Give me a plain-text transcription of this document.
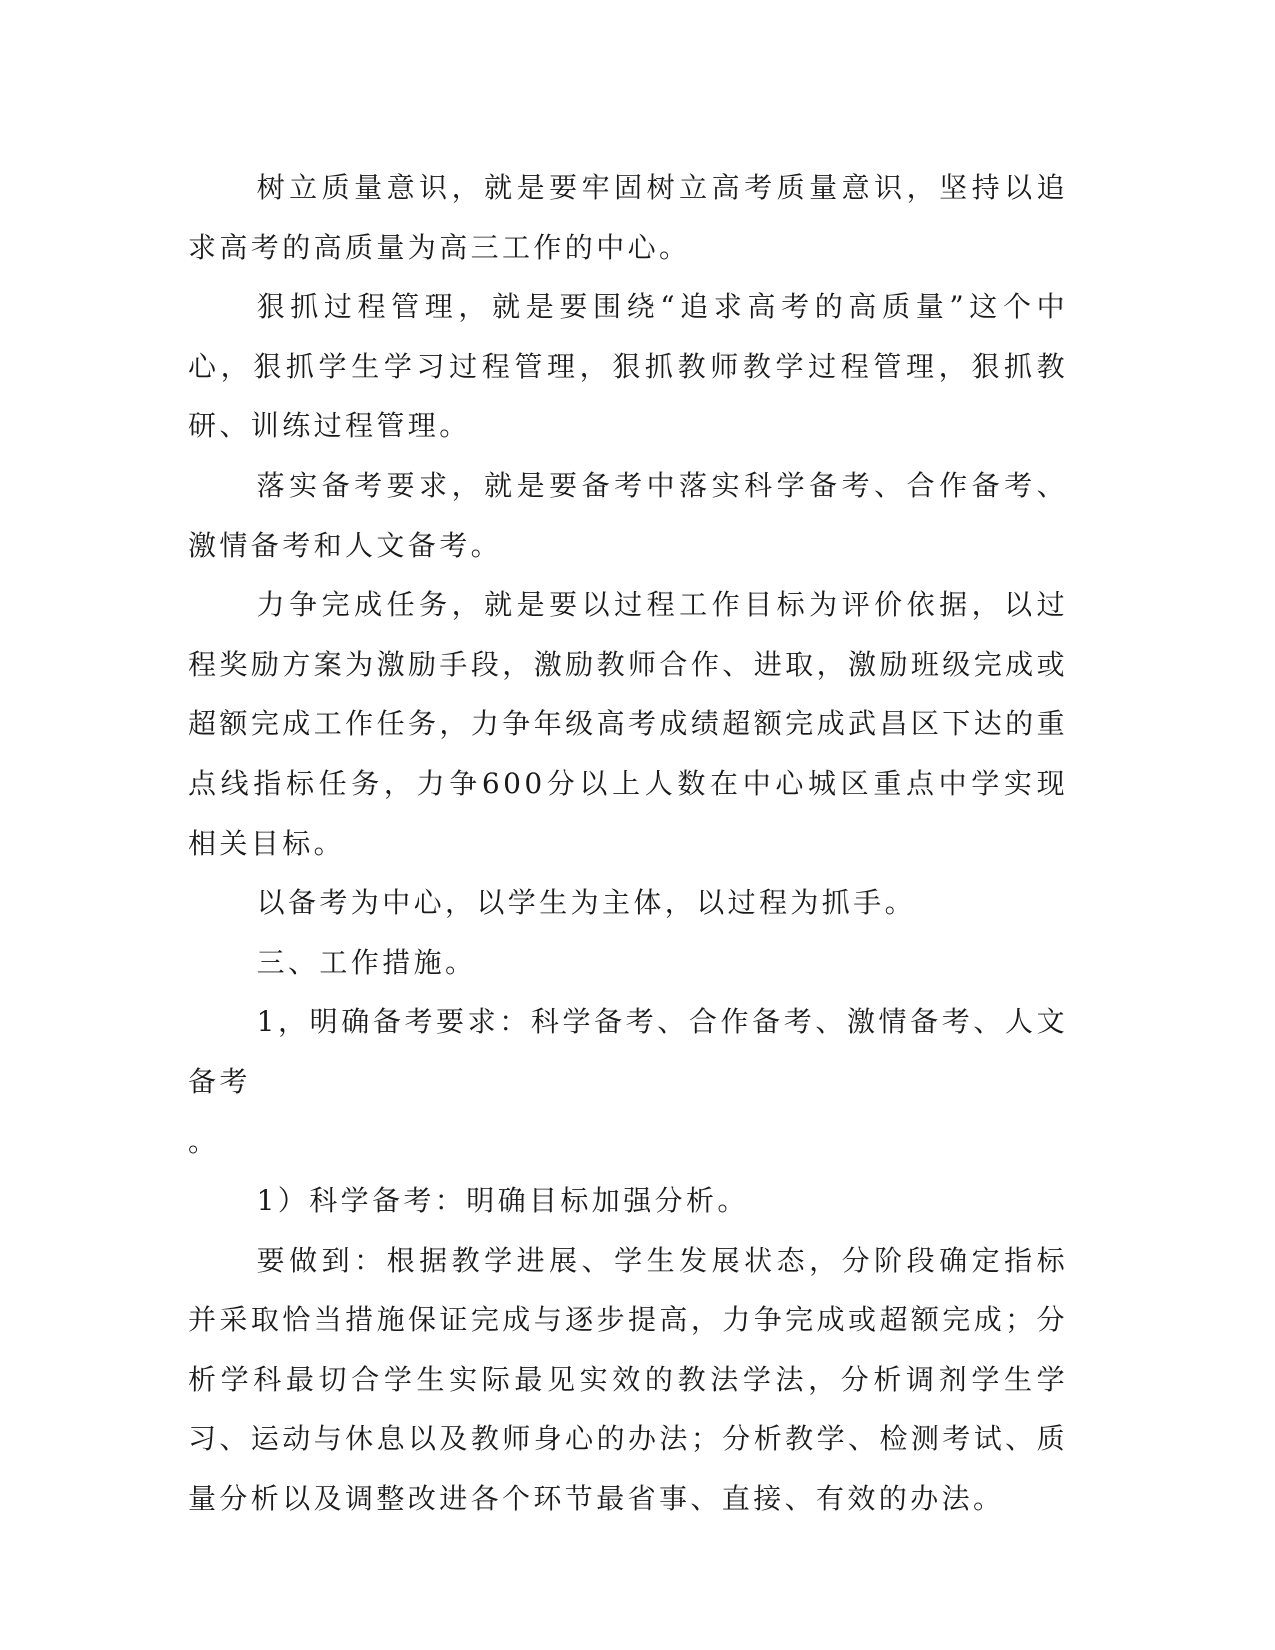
树立质量意识，就是要牢固树立高考质量意识，坚持以追求高考的高质量为高三工作的中心。

狠抓过程管理，就是要围绕“追求高考的高质量”这个中心，狠抓学生学习过程管理，狠抓教师教学过程管理，狠抓教研、训练过程管理。

落实备考要求，就是要备考中落实科学备考、合作备考、激情备考和人文备考。

力争完成任务，就是要以过程工作目标为评价依据，以过程奖励方案为激励手段，激励教师合作、进取，激励班级完成或超额完成工作任务，力争年级高考成绩超额完成武昌区下达的重点线指标任务，力争600分以上人数在中心城区重点中学实现相关目标。

以备考为中心，以学生为主体，以过程为抓手。

三、工作措施。

1，明确备考要求：科学备考、合作备考、激情备考、人文备考

。

1）科学备考：明确目标加强分析。

要做到：根据教学进展、学生发展状态，分阶段确定指标并采取恰当措施保证完成与逐步提高，力争完成或超额完成；分析学科最切合学生实际最见实效的教法学法，分析调剂学生学习、运动与休息以及教师身心的办法；分析教学、检测考试、质量分析以及调整改进各个环节最省事、直接、有效的办法。
